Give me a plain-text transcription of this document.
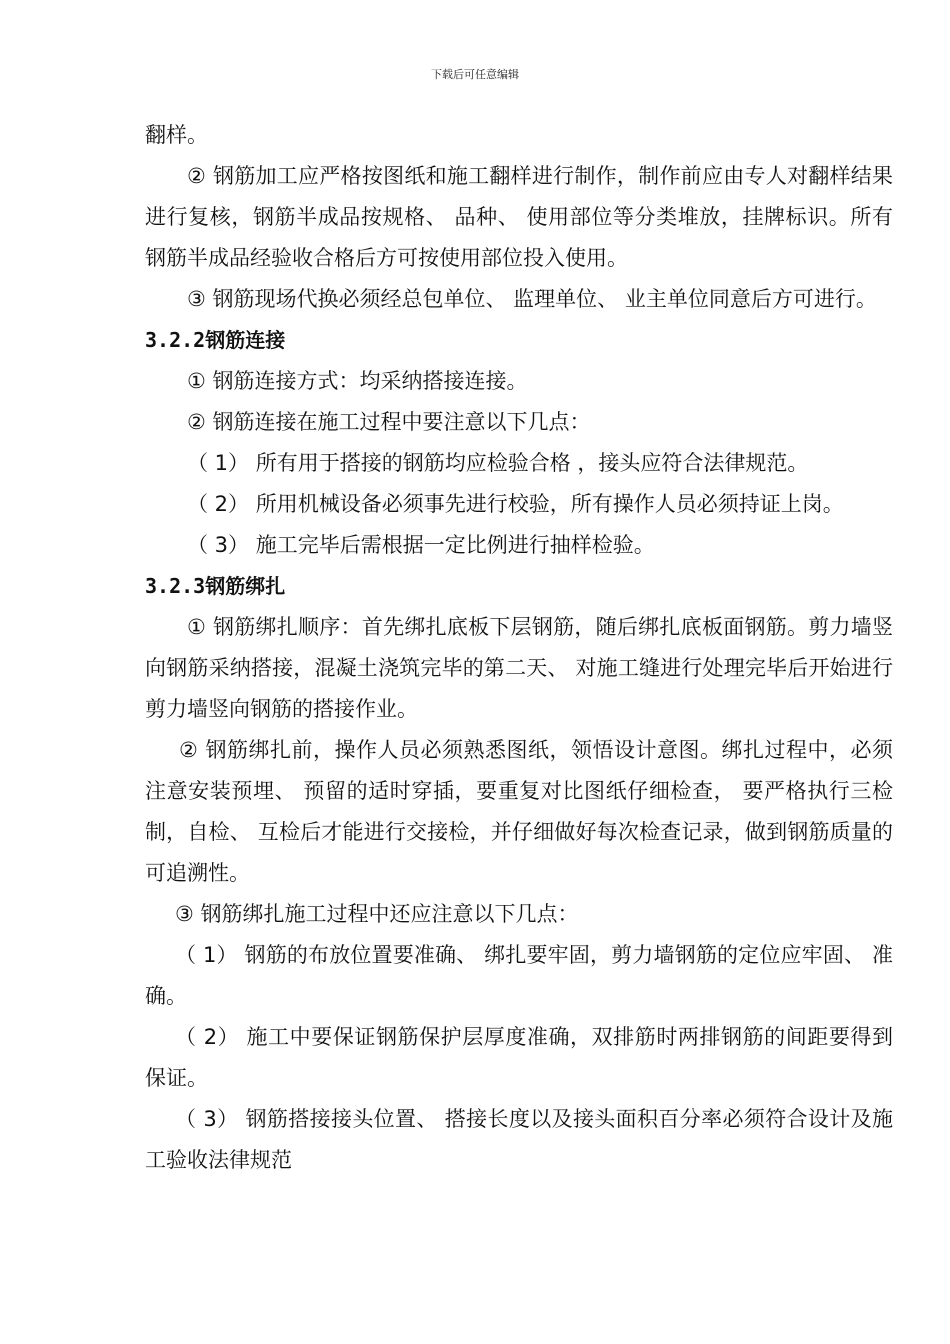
下载后可任意编辑

翻样。

② 钢筋加工应严格按图纸和施工翻样进行制作，制作前应由专人对翻样结果进行复核，钢筋半成品按规格、 品种、 使用部位等分类堆放，挂牌标识。所有钢筋半成品经验收合格后方可按使用部位投入使用。

③ 钢筋现场代换必须经总包单位、 监理单位、 业主单位同意后方可进行。

3.2.2钢筋连接

① 钢筋连接方式：均采纳搭接连接。

② 钢筋连接在施工过程中要注意以下几点：

（ 1） 所有用于搭接的钢筋均应检验合格 ，接头应符合法律规范。

（ 2） 所用机械设备必须事先进行校验，所有操作人员必须持证上岗。

（ 3） 施工完毕后需根据一定比例进行抽样检验。

3.2.3钢筋绑扎

① 钢筋绑扎顺序：首先绑扎底板下层钢筋，随后绑扎底板面钢筋。剪力墙竖向钢筋采纳搭接，混凝土浇筑完毕的第二天、 对施工缝进行处理完毕后开始进行剪力墙竖向钢筋的搭接作业。

② 钢筋绑扎前，操作人员必须熟悉图纸，领悟设计意图。绑扎过程中，必须注意安装预埋、 预留的适时穿插，要重复对比图纸仔细检查， 要严格执行三检制，自检、 互检后才能进行交接检，并仔细做好每次检查记录，做到钢筋质量的可追溯性。

③ 钢筋绑扎施工过程中还应注意以下几点：

（ 1） 钢筋的布放位置要准确、 绑扎要牢固，剪力墙钢筋的定位应牢固、 准确。

（ 2） 施工中要保证钢筋保护层厚度准确，双排筋时两排钢筋的间距要得到保证。

（ 3） 钢筋搭接接头位置、 搭接长度以及接头面积百分率必须符合设计及施工验收法律规范
